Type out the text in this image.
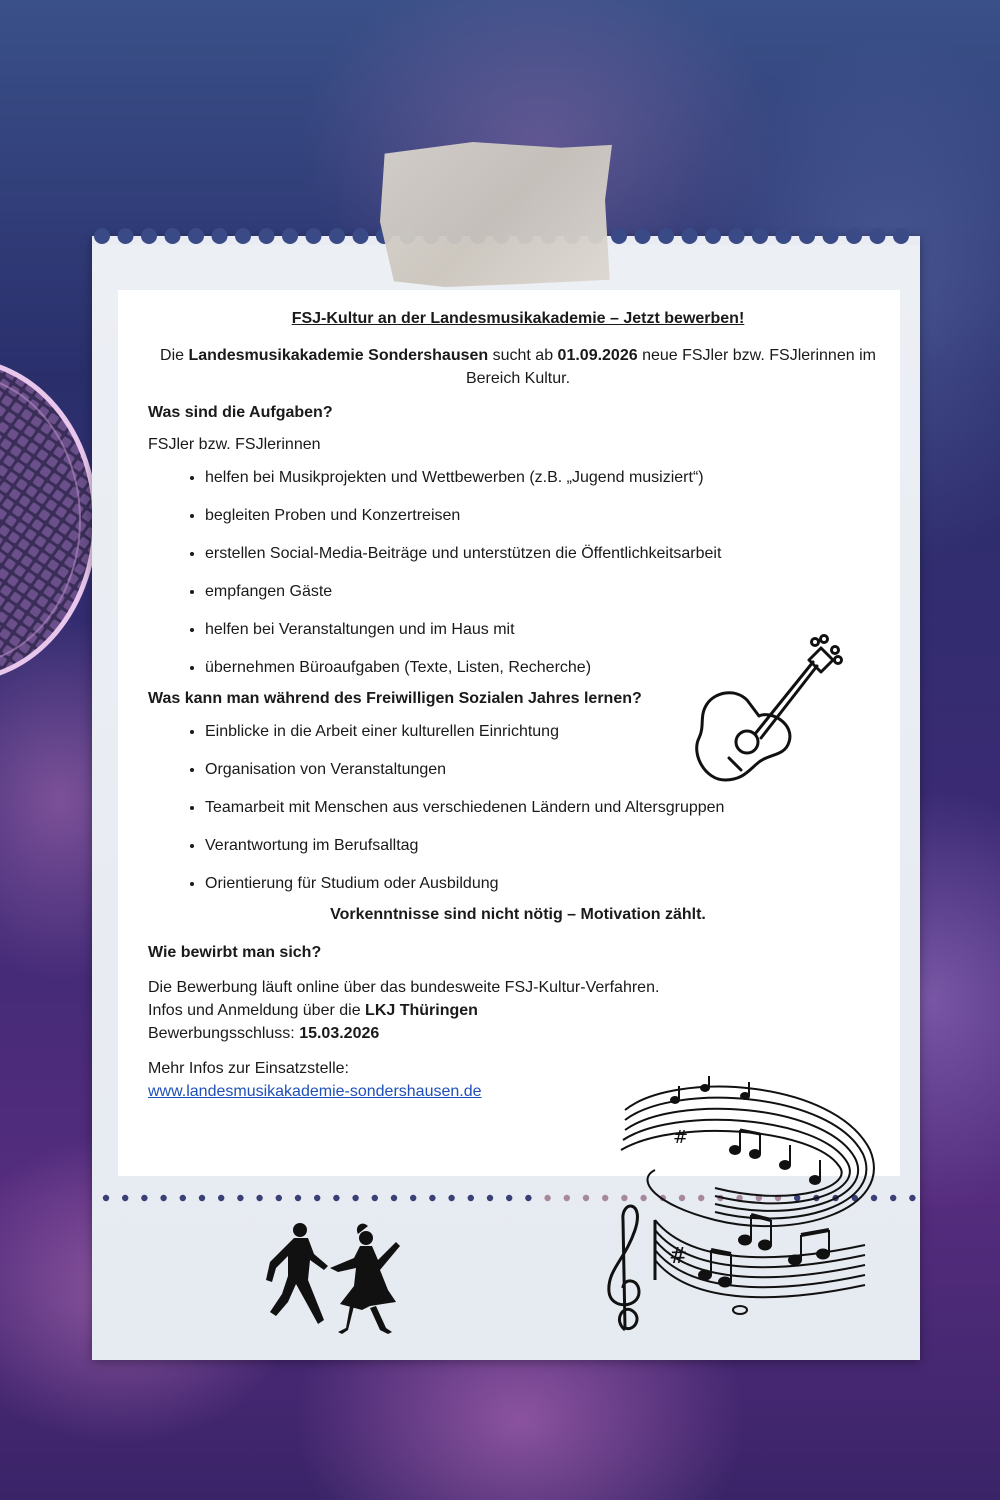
FSJ-Kultur an der Landesmusikakademie – Jetzt bewerben!
Die Landesmusikakademie Sondershausen sucht ab 01.09.2026 neue FSJler bzw. FSJlerinnen im Bereich Kultur.
Was sind die Aufgaben?
FSJler bzw. FSJlerinnen
• helfen bei Musikprojekten und Wettbewerben (z.B. „Jugend musiziert“)
• begleiten Proben und Konzertreisen
• erstellen Social-Media-Beiträge und unterstützen die Öffentlichkeitsarbeit
• empfangen Gäste
• helfen bei Veranstaltungen und im Haus mit
• übernehmen Büroaufgaben (Texte, Listen, Recherche)
Was kann man während des Freiwilligen Sozialen Jahres lernen?
• Einblicke in die Arbeit einer kulturellen Einrichtung
• Organisation von Veranstaltungen
• Teamarbeit mit Menschen aus verschiedenen Ländern und Altersgruppen
• Verantwortung im Berufsalltag
• Orientierung für Studium oder Ausbildung
Vorkenntnisse sind nicht nötig – Motivation zählt.
Wie bewirbt man sich?
Die Bewerbung läuft online über das bundesweite FSJ-Kultur-Verfahren.
Infos und Anmeldung über die LKJ Thüringen
Bewerbungsschluss: 15.03.2026
Mehr Infos zur Einsatzstelle:
www.landesmusikakademie-sondershausen.de
#
#
